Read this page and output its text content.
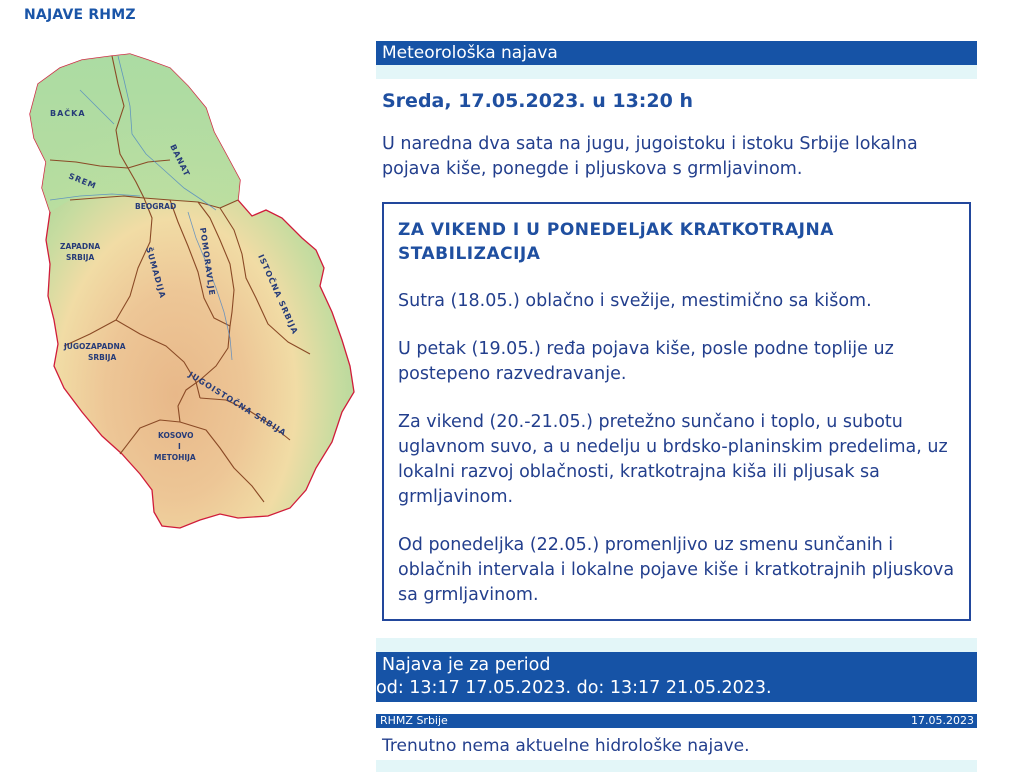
NAJAVE RHMZ
BAČKA
BANAT
SREM
BEOGRAD
ZAPADNA
SRBIJA	ŠUMADIJA	POMORAVLJE	ISTOČNA SRBIJA
JUGOZAPADNA
SRBIJA
JUGOISTOČNA SRBIJA
KOSOVO
I
METOHIJA
Meteorološka najava
Sreda, 17.05.2023. u 13:20 h
U naredna dva sata na jugu, jugoistoku i istoku Srbije lokalna pojava kiše, ponegde i pljuskova s grmljavinom.
ZA VIKEND I U PONEDELjAK KRATKOTRAJNA STABILIZACIJA
Sutra (18.05.) oblačno i svežije, mestimično sa kišom.
U petak (19.05.) ređa pojava kiše, posle podne toplije uz postepeno razvedravanje.
Za vikend (20.-21.05.) pretežno sunčano i toplo, u subotu uglavnom suvo, a u nedelju u brdsko-planinskim predelima, uz lokalni razvoj oblačnosti, kratkotrajna kiša ili pljusak sa grmljavinom.
Od ponedeljka (22.05.) promenljivo uz smenu sunčanih i oblačnih intervala i lokalne pojave kiše i kratkotrajnih pljuskova sa grmljavinom.
Najava je za period
od: 13:17 17.05.2023. do: 13:17 21.05.2023.
RHMZ Srbije	17.05.2023
Trenutno nema aktuelne hidrološke najave.
